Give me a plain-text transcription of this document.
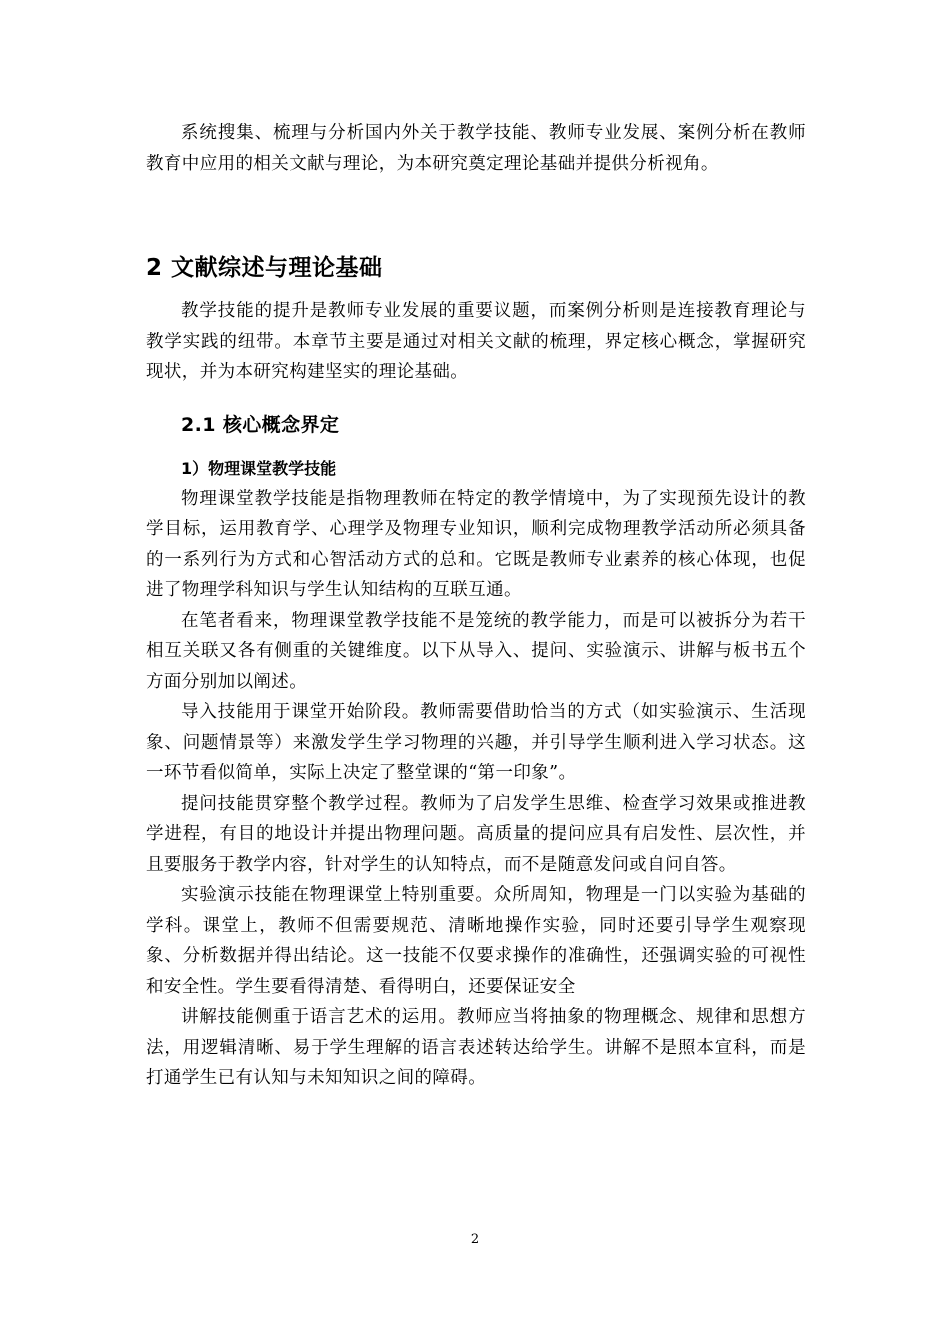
系统搜集、梳理与分析国内外关于教学技能、教师专业发展、案例分析在教师教育中应用的相关文献与理论，为本研究奠定理论基础并提供分析视角。

2 文献综述与理论基础

教学技能的提升是教师专业发展的重要议题，而案例分析则是连接教育理论与教学实践的纽带。本章节主要是通过对相关文献的梳理，界定核心概念，掌握研究现状，并为本研究构建坚实的理论基础。

2.1 核心概念界定
1）物理课堂教学技能

物理课堂教学技能是指物理教师在特定的教学情境中，为了实现预先设计的教学目标，运用教育学、心理学及物理专业知识，顺利完成物理教学活动所必须具备的一系列行为方式和心智活动方式的总和。它既是教师专业素养的核心体现，也促进了物理学科知识与学生认知结构的互联互通。

在笔者看来，物理课堂教学技能不是笼统的教学能力，而是可以被拆分为若干相互关联又各有侧重的关键维度。以下从导入、提问、实验演示、讲解与板书五个方面分别加以阐述。

导入技能用于课堂开始阶段。教师需要借助恰当的方式（如实验演示、生活现象、问题情景等）来激发学生学习物理的兴趣，并引导学生顺利进入学习状态。这一环节看似简单，实际上决定了整堂课的“第一印象”。

提问技能贯穿整个教学过程。教师为了启发学生思维、检查学习效果或推进教学进程，有目的地设计并提出物理问题。高质量的提问应具有启发性、层次性，并且要服务于教学内容，针对学生的认知特点，而不是随意发问或自问自答。

实验演示技能在物理课堂上特别重要。众所周知，物理是一门以实验为基础的学科。课堂上，教师不但需要规范、清晰地操作实验，同时还要引导学生观察现象、分析数据并得出结论。这一技能不仅要求操作的准确性，还强调实验的可视性和安全性。学生要看得清楚、看得明白，还要保证安全

讲解技能侧重于语言艺术的运用。教师应当将抽象的物理概念、规律和思想方法，用逻辑清晰、易于学生理解的语言表述转达给学生。讲解不是照本宣科，而是打通学生已有认知与未知知识之间的障碍。

2
